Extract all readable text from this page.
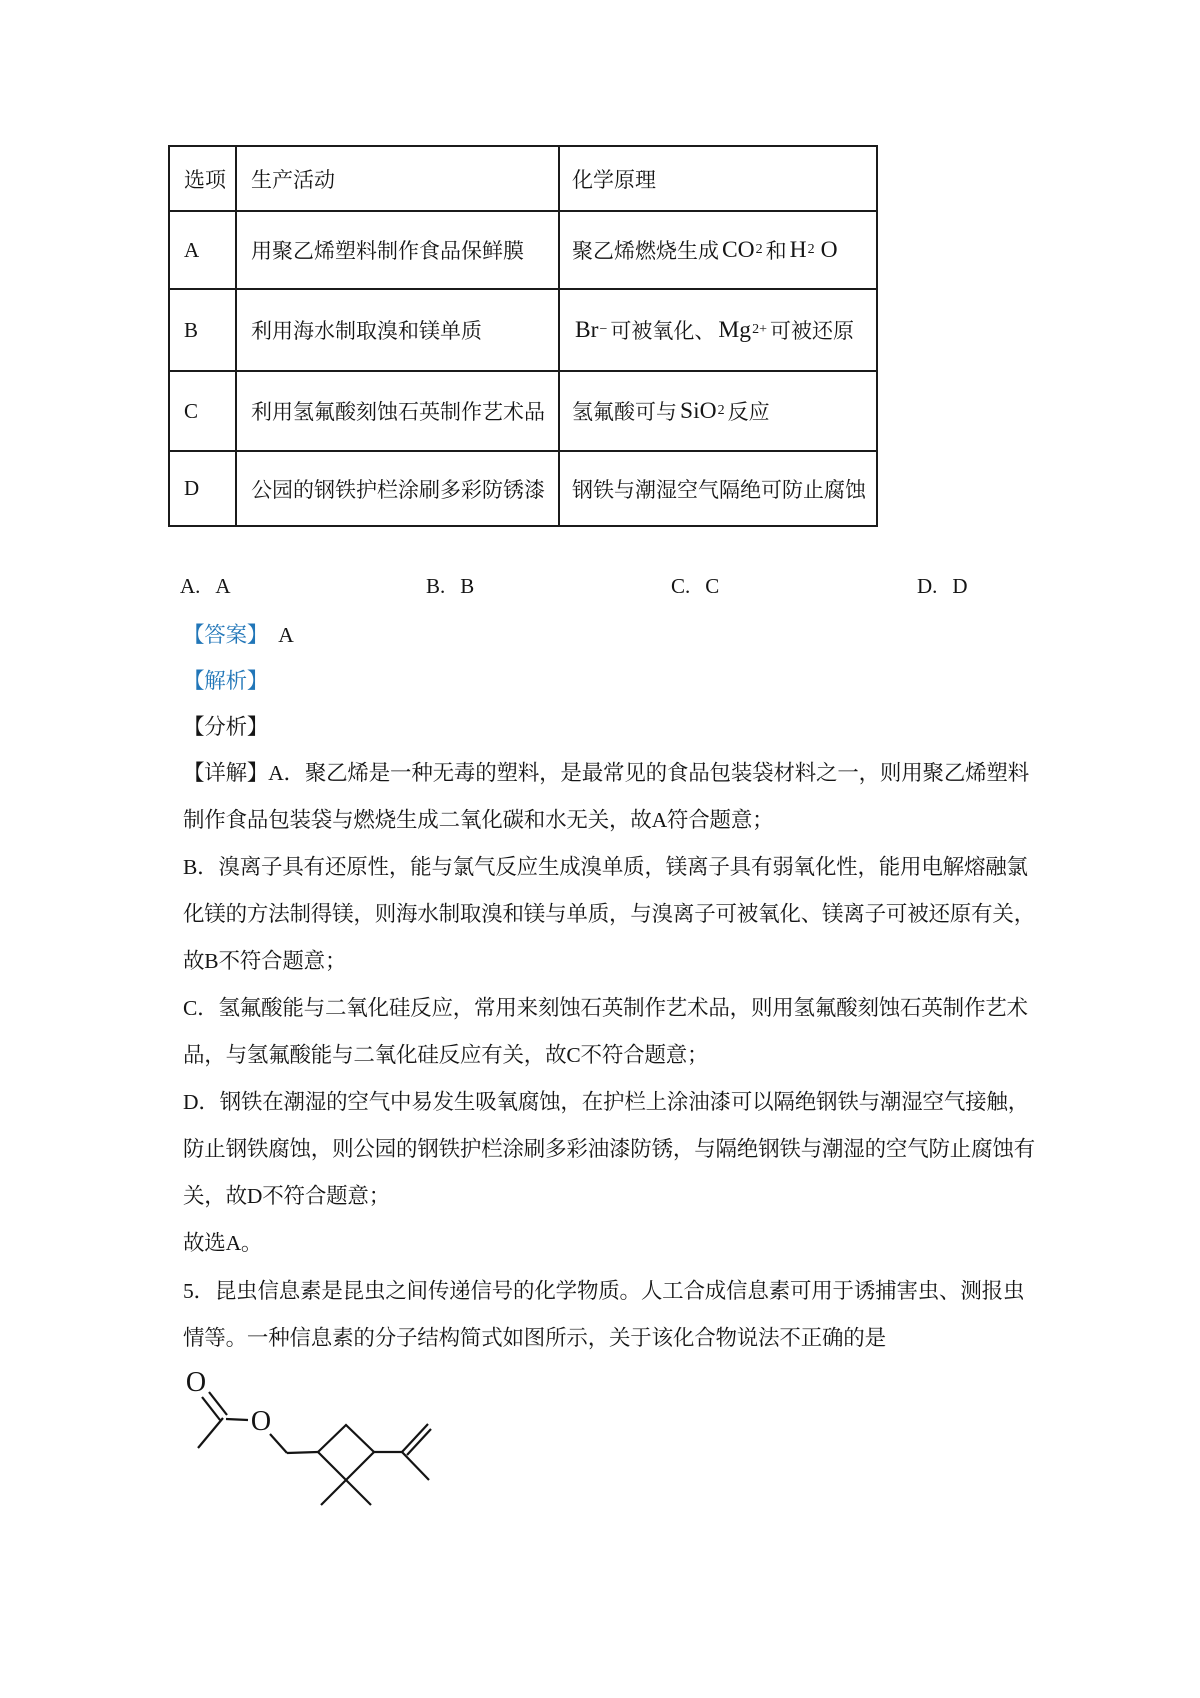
选项	生产活动	化学原理
A	用聚乙烯塑料制作食品保鲜膜	聚乙烯燃烧生成 CO 2 和 H 2 O
B	利用海水制取溴和镁单质	Br − 可被氧化、 Mg 2+ 可被还原
C	利用氢氟酸刻蚀石英制作艺术品	氢氟酸可与 SiO 2 反应
D	公园的钢铁护栏涂刷多彩防锈漆	钢铁与潮湿空气隔绝可防止腐蚀
A. A	B. B	C. C	D. D
【答案】 A
【解析】
【分析】
【详解】A．聚乙烯是一种无毒的塑料，是最常见的食品包装袋材料之一，则用聚乙烯塑料
制作食品包装袋与燃烧生成二氧化碳和水无关，故A符合题意；
B．溴离子具有还原性，能与氯气反应生成溴单质，镁离子具有弱氧化性，能用电解熔融氯
化镁的方法制得镁，则海水制取溴和镁与单质，与溴离子可被氧化、镁离子可被还原有关，
故B不符合题意；
C．氢氟酸能与二氧化硅反应，常用来刻蚀石英制作艺术品，则用氢氟酸刻蚀石英制作艺术
品，与氢氟酸能与二氧化硅反应有关，故C不符合题意；
D．钢铁在潮湿的空气中易发生吸氧腐蚀，在护栏上涂油漆可以隔绝钢铁与潮湿空气接触，
防止钢铁腐蚀，则公园的钢铁护栏涂刷多彩油漆防锈，与隔绝钢铁与潮湿的空气防止腐蚀有
关，故D不符合题意；
故选A。
5．昆虫信息素是昆虫之间传递信号的化学物质。人工合成信息素可用于诱捕害虫、测报虫
情等。一种信息素的分子结构简式如图所示，关于该化合物说法不正确的是
O
O
